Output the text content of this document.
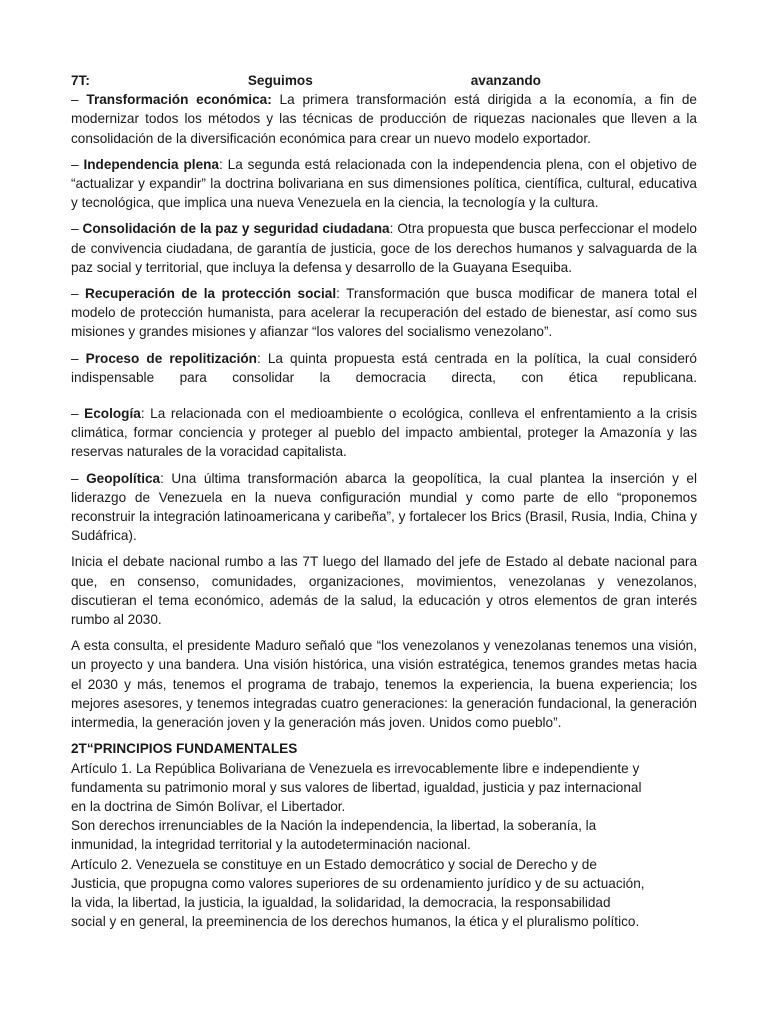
7T:	Seguimos	avanzando

– Transformación económica: La primera transformación está dirigida a la economía, a fin de modernizar todos los métodos y las técnicas de producción de riquezas nacionales que lleven a la consolidación de la diversificación económica para crear un nuevo modelo exportador.

– Independencia plena: La segunda está relacionada con la independencia plena, con el objetivo de “actualizar y expandir” la doctrina bolivariana en sus dimensiones política, científica, cultural, educativa y tecnológica, que implica una nueva Venezuela en la ciencia, la tecnología y la cultura.

– Consolidación de la paz y seguridad ciudadana: Otra propuesta que busca perfeccionar el modelo de convivencia ciudadana, de garantía de justicia, goce de los derechos humanos y salvaguarda de la paz social y territorial, que incluya la defensa y desarrollo de la Guayana Esequiba.

– Recuperación de la protección social: Transformación que busca modificar de manera total el modelo de protección humanista, para acelerar la recuperación del estado de bienestar, así como sus misiones y grandes misiones y afianzar “los valores del socialismo venezolano”.

– Proceso de repolitización: La quinta propuesta está centrada en la política, la cual consideró indispensable para consolidar la democracia directa, con ética republicana.

– Ecología: La relacionada con el medioambiente o ecológica, conlleva el enfrentamiento a la crisis climática, formar conciencia y proteger al pueblo del impacto ambiental, proteger la Amazonía y las reservas naturales de la voracidad capitalista.

– Geopolítica: Una última transformación abarca la geopolítica, la cual plantea la inserción y el liderazgo de Venezuela en la nueva configuración mundial y como parte de ello “proponemos reconstruir la integración latinoamericana y caribeña”, y fortalecer los Brics (Brasil, Rusia, India, China y Sudáfrica).

Inicia el debate nacional rumbo a las 7T luego del llamado del jefe de Estado al debate nacional para que, en consenso, comunidades, organizaciones, movimientos, venezolanas y venezolanos, discutieran el tema económico, además de la salud, la educación y otros elementos de gran interés rumbo al 2030.

A esta consulta, el presidente Maduro señaló que “los venezolanos y venezolanas tenemos una visión, un proyecto y una bandera. Una visión histórica, una visión estratégica, tenemos grandes metas hacia el 2030 y más, tenemos el programa de trabajo, tenemos la experiencia, la buena experiencia; los mejores asesores, y tenemos integradas cuatro generaciones: la generación fundacional, la generación intermedia, la generación joven y la generación más joven. Unidos como pueblo”.

2T“PRINCIPIOS FUNDAMENTALES
Artículo 1. La República Bolivariana de Venezuela es irrevocablemente libre e independiente y
fundamenta su patrimonio moral y sus valores de libertad, igualdad, justicia y paz internacional
en la doctrina de Simón Bolívar, el Libertador.
Son derechos irrenunciables de la Nación la independencia, la libertad, la soberanía, la
inmunidad, la integridad territorial y la autodeterminación nacional.
Artículo 2. Venezuela se constituye en un Estado democrático y social de Derecho y de
Justicia, que propugna como valores superiores de su ordenamiento jurídico y de su actuación,
la vida, la libertad, la justicia, la igualdad, la solidaridad, la democracia, la responsabilidad
social y en general, la preeminencia de los derechos humanos, la ética y el pluralismo político.
